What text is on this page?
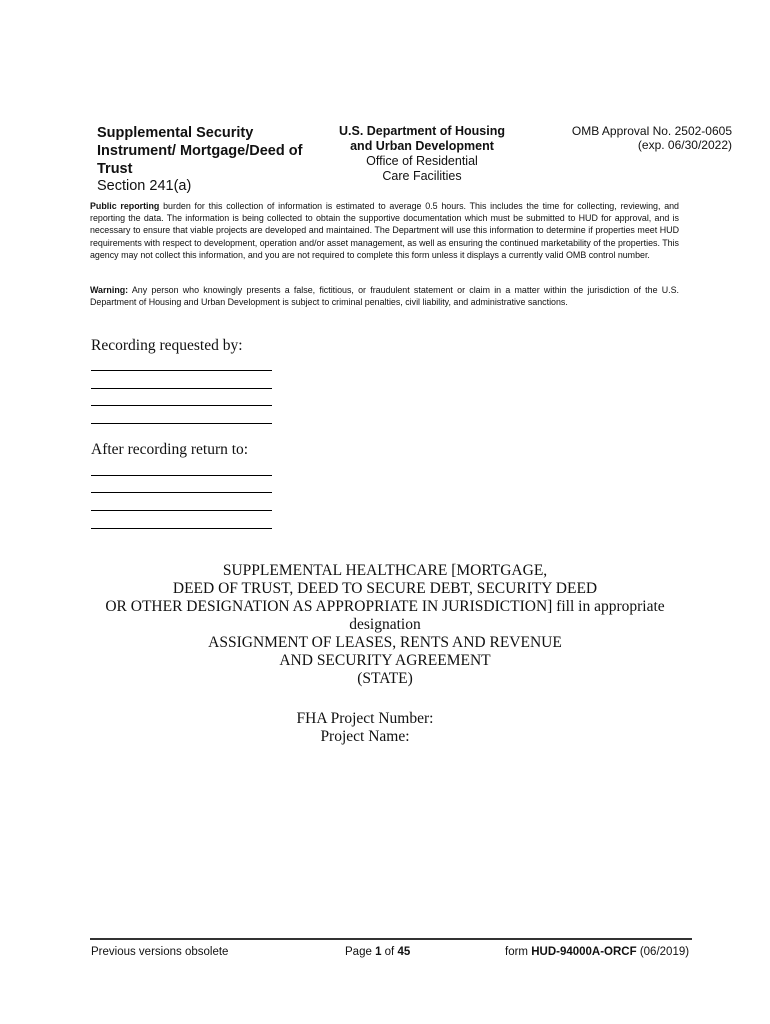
Supplemental Security Instrument/ Mortgage/Deed of Trust
Section 241(a)
U.S. Department of Housing
and Urban Development
Office of Residential
Care Facilities
OMB Approval No. 2502-0605
(exp. 06/30/2022)
Public reporting burden for this collection of information is estimated to average 0.5 hours. This includes the time for collecting, reviewing, and reporting the data. The information is being collected to obtain the supportive documentation which must be submitted to HUD for approval, and is necessary to ensure that viable projects are developed and maintained. The Department will use this information to determine if properties meet HUD requirements with respect to development, operation and/or asset management, as well as ensuring the continued marketability of the properties. This agency may not collect this information, and you are not required to complete this form unless it displays a currently valid OMB control number.
Warning: Any person who knowingly presents a false, fictitious, or fraudulent statement or claim in a matter within the jurisdiction of the U.S. Department of Housing and Urban Development is subject to criminal penalties, civil liability, and administrative sanctions.
Recording requested by:
After recording return to:
SUPPLEMENTAL HEALTHCARE [MORTGAGE,
DEED OF TRUST, DEED TO SECURE DEBT, SECURITY DEED
OR OTHER DESIGNATION AS APPROPRIATE IN JURISDICTION] fill in appropriate
designation
ASSIGNMENT OF LEASES, RENTS AND REVENUE
AND SECURITY AGREEMENT
(STATE)
FHA Project Number:
Project Name:
Previous versions obsolete	Page 1 of 45	form HUD-94000A-ORCF (06/2019)
